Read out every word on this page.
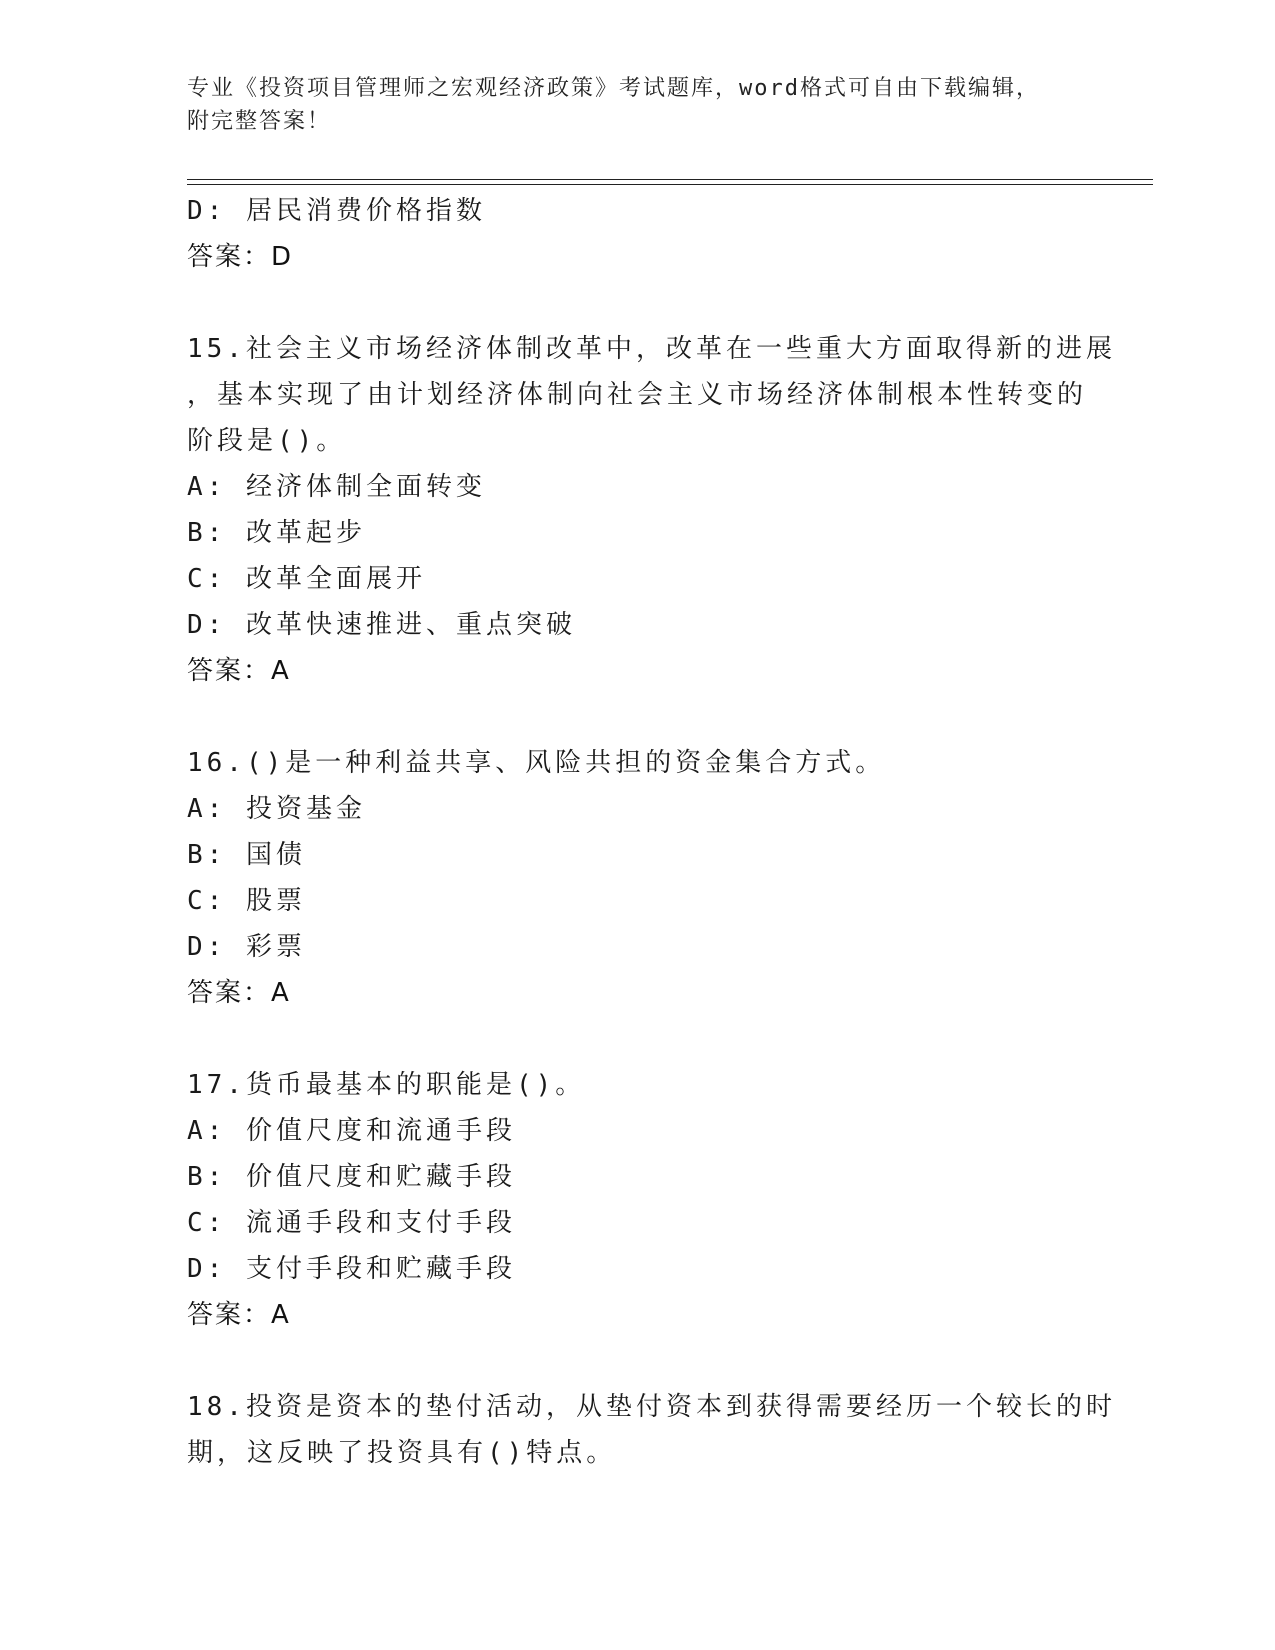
专业《投资项目管理师之宏观经济政策》考试题库，word格式可自由下载编辑，
附完整答案！
D: 居民消费价格指数
答案：D
15.社会主义市场经济体制改革中，改革在一些重大方面取得新的进展
，基本实现了由计划经济体制向社会主义市场经济体制根本性转变的
阶段是()。
A: 经济体制全面转变
B: 改革起步
C: 改革全面展开
D: 改革快速推进、重点突破
答案：A
16.()是一种利益共享、风险共担的资金集合方式。
A: 投资基金
B: 国债
C: 股票
D: 彩票
答案：A
17.货币最基本的职能是()。
A: 价值尺度和流通手段
B: 价值尺度和贮藏手段
C: 流通手段和支付手段
D: 支付手段和贮藏手段
答案：A
18.投资是资本的垫付活动，从垫付资本到获得需要经历一个较长的时
期，这反映了投资具有()特点。
